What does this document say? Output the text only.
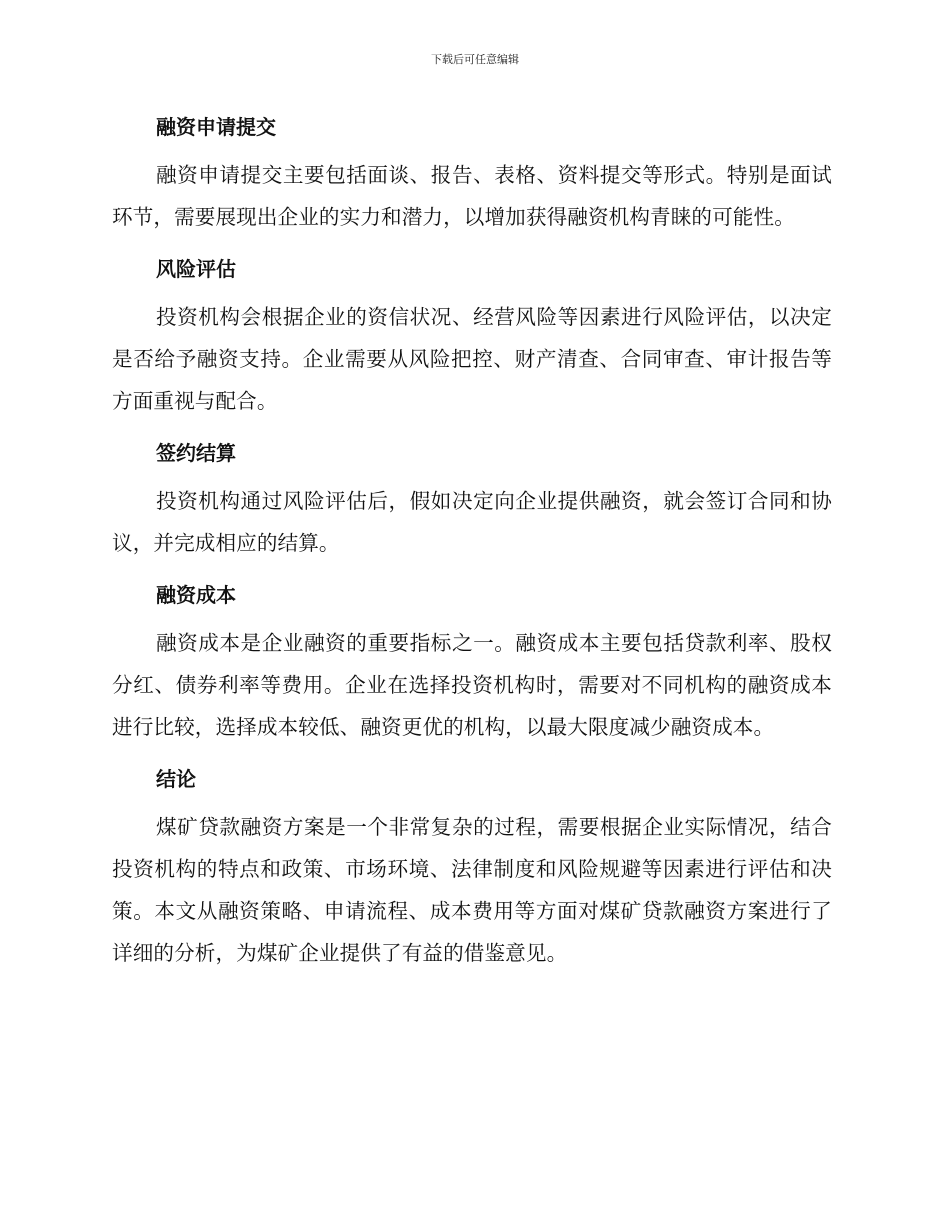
下载后可任意编辑
融资申请提交

融资申请提交主要包括面谈、报告、表格、资料提交等形式。特别是面试环节，需要展现出企业的实力和潜力，以增加获得融资机构青睐的可能性。

风险评估

投资机构会根据企业的资信状况、经营风险等因素进行风险评估，以决定是否给予融资支持。企业需要从风险把控、财产清查、合同审查、审计报告等方面重视与配合。

签约结算

投资机构通过风险评估后，假如决定向企业提供融资，就会签订合同和协议，并完成相应的结算。

融资成本

融资成本是企业融资的重要指标之一。融资成本主要包括贷款利率、股权分红、债券利率等费用。企业在选择投资机构时，需要对不同机构的融资成本进行比较，选择成本较低、融资更优的机构，以最大限度减少融资成本。

结论

煤矿贷款融资方案是一个非常复杂的过程，需要根据企业实际情况，结合投资机构的特点和政策、市场环境、法律制度和风险规避等因素进行评估和决策。本文从融资策略、申请流程、成本费用等方面对煤矿贷款融资方案进行了详细的分析，为煤矿企业提供了有益的借鉴意见。
